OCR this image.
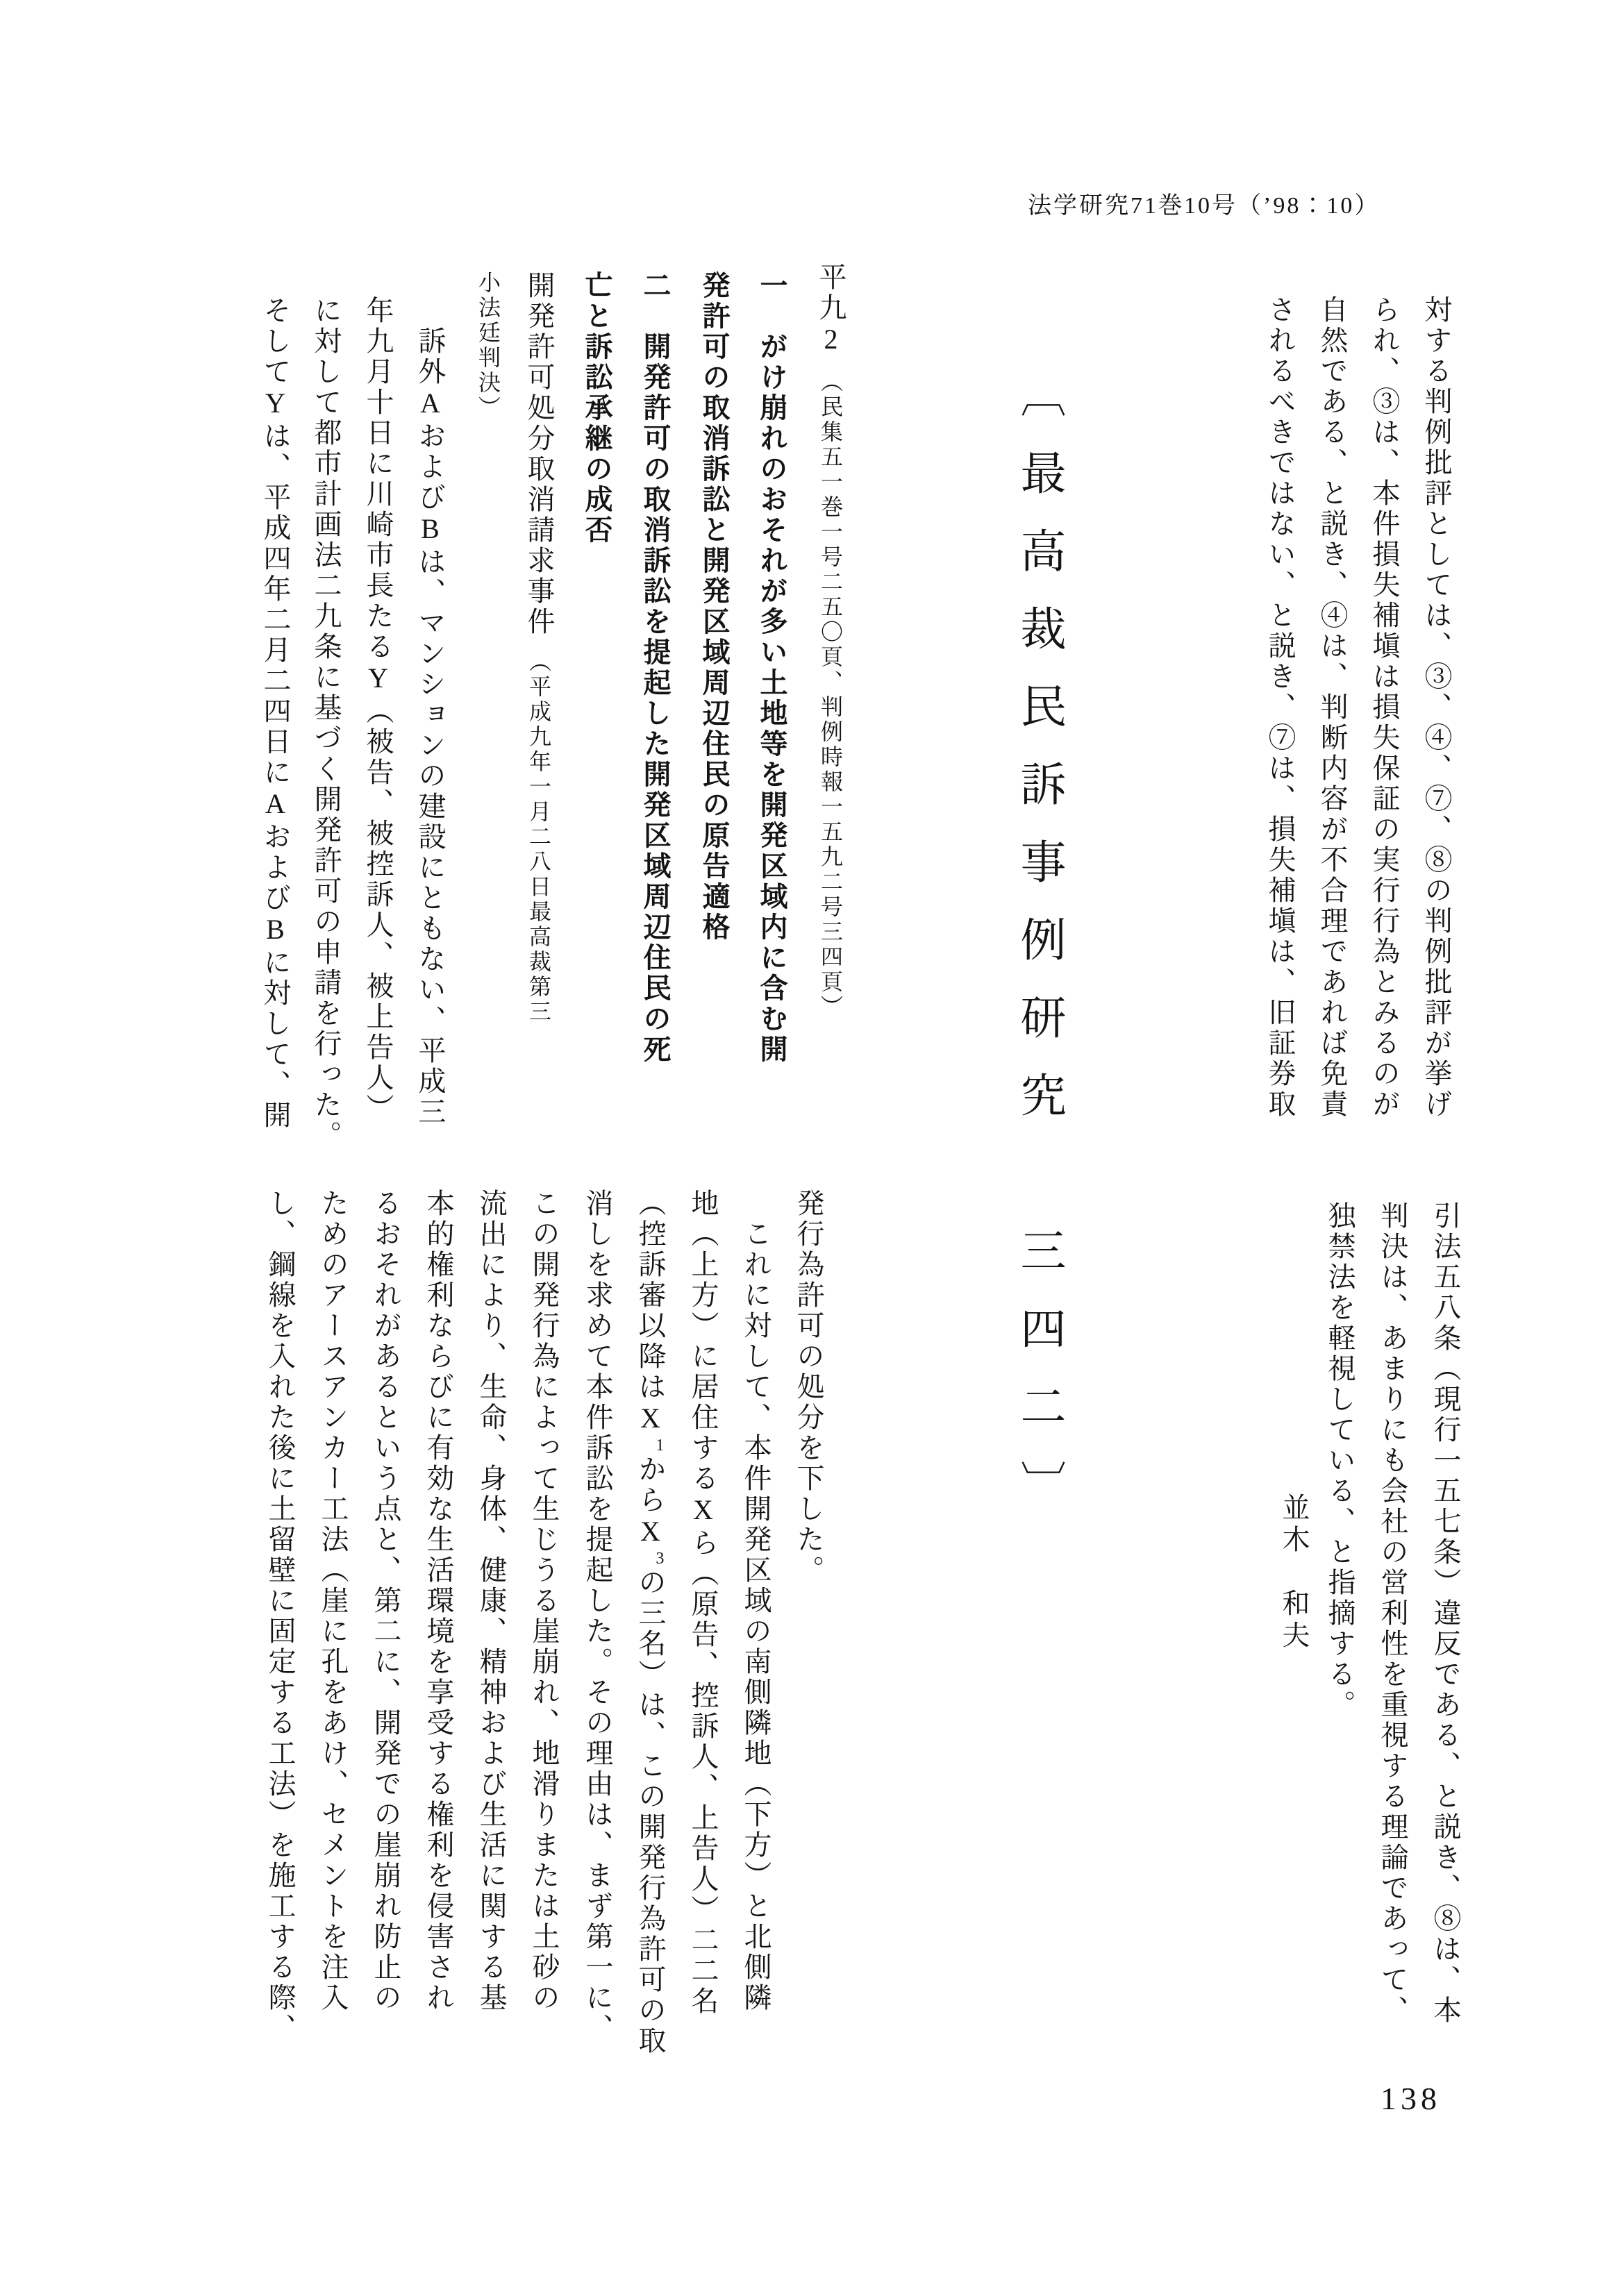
法学研究71巻10号（’98：10）
対する判例批評としては、③、④、⑦、⑧の判例批評が挙げ
られ、③は、本件損失補塡は損失保証の実行行為とみるのが
自然である、と説き、④は、判断内容が不合理であれば免責
されるべきではない、と説き、⑦は、損失補塡は、旧証券取
引法五八条（現行一五七条）違反である、と説き、⑧は、本
判決は、あまりにも会社の営利性を重視する理論であって、
独禁法を軽視している、と指摘する。
並木　和夫
〔最高裁民訴事例研究　三四二〕
平九2（民集五一巻一号二五〇頁、判例時報一五九二号三四頁）
一　がけ崩れのおそれが多い土地等を開発区域内に含む開
発許可の取消訴訟と開発区域周辺住民の原告適格
二　開発許可の取消訴訟を提起した開発区域周辺住民の死
亡と訴訟承継の成否
開発許可処分取消請求事件（平成九年一月二八日最高裁第三
小法廷判決）
訴外AおよびBは、マンションの建設にともない、平成三
年九月十日に川崎市長たるY（被告、被控訴人、被上告人）
に対して都市計画法二九条に基づく開発許可の申請を行った。
そしてYは、平成四年二月二四日にAおよびBに対して、開
発行為許可の処分を下した。
これに対して、本件開発区域の南側隣地（下方）と北側隣
地（上方）に居住するXら（原告、控訴人、上告人）二二名
（控訴審以降は$X^1$から$X^3$の三名）は、この開発行為許可の取
消しを求めて本件訴訟を提起した。その理由は、まず第一に、
この開発行為によって生じうる崖崩れ、地滑りまたは土砂の
流出により、生命、身体、健康、精神および生活に関する基
本的権利ならびに有効な生活環境を享受する権利を侵害され
るおそれがあるという点と、第二に、開発での崖崩れ防止の
ためのアースアンカー工法（崖に孔をあけ、セメントを注入
し、鋼線を入れた後に土留壁に固定する工法）を施工する際、
138
